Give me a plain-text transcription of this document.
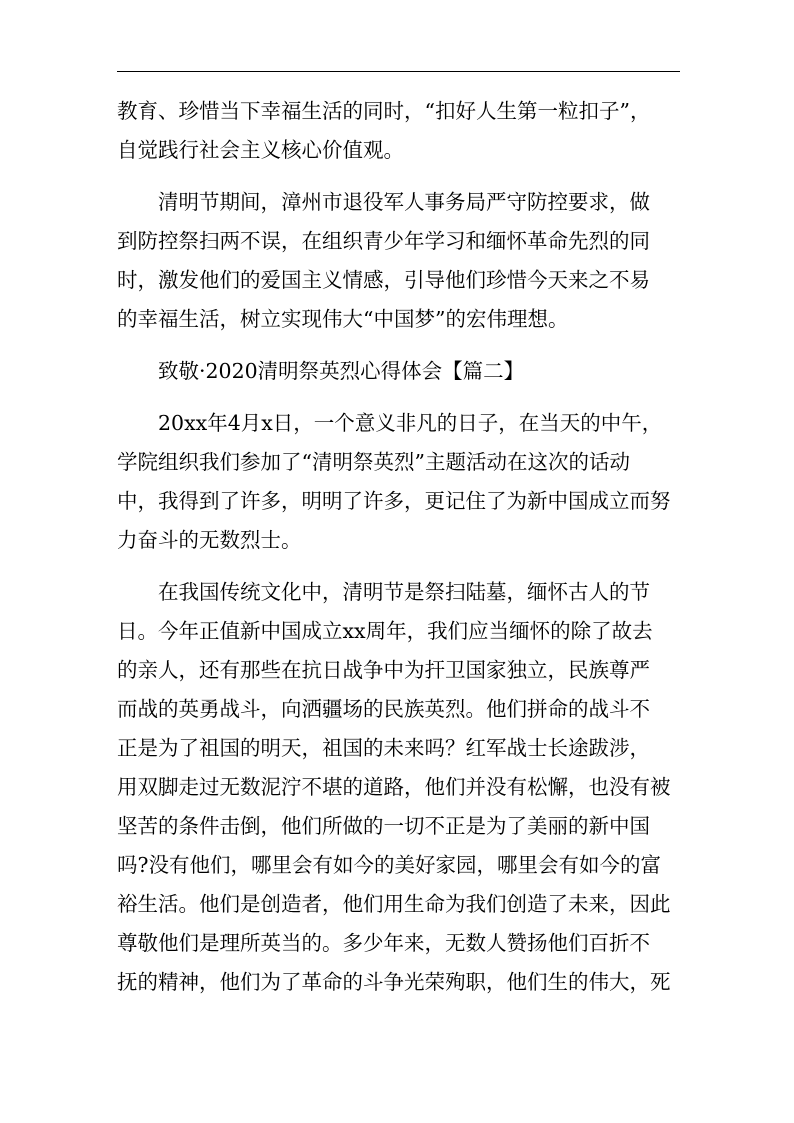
教育、珍惜当下幸福生活的同时，“扣好人生第一粒扣子”，
自觉践行社会主义核心价值观。
　　清明节期间，漳州市退役军人事务局严守防控要求，做
到防控祭扫两不误，在组织青少年学习和缅怀革命先烈的同
时，激发他们的爱国主义情感，引导他们珍惜今天来之不易
的幸福生活，树立实现伟大“中国梦”的宏伟理想。
　　致敬·2020清明祭英烈心得体会【篇二】
　　20xx年4月x日，一个意义非凡的日子，在当天的中午，
学院组织我们参加了“清明祭英烈”主题活动在这次的话动
中，我得到了许多，明明了许多，更记住了为新中国成立而努
力奋斗的无数烈士。
　　在我国传统文化中，清明节是祭扫陆墓，缅怀古人的节
日。今年正值新中国成立xx周年，我们应当缅怀的除了故去
的亲人，还有那些在抗日战争中为扞卫国家独立，民族尊严
而战的英勇战斗，向洒疆场的民族英烈。他们拼命的战斗不
正是为了祖国的明天，祖国的未来吗？红军战士长途跋涉，
用双脚走过无数泥泞不堪的道路，他们并没有松懈，也没有被
坚苦的条件击倒，他们所做的一切不正是为了美丽的新中国
吗?没有他们，哪里会有如今的美好家园，哪里会有如今的富
裕生活。他们是创造者，他们用生命为我们创造了未来，因此
尊敬他们是理所英当的。多少年来，无数人赞扬他们百折不
抚的精神，他们为了革命的斗争光荣殉职，他们生的伟大，死
